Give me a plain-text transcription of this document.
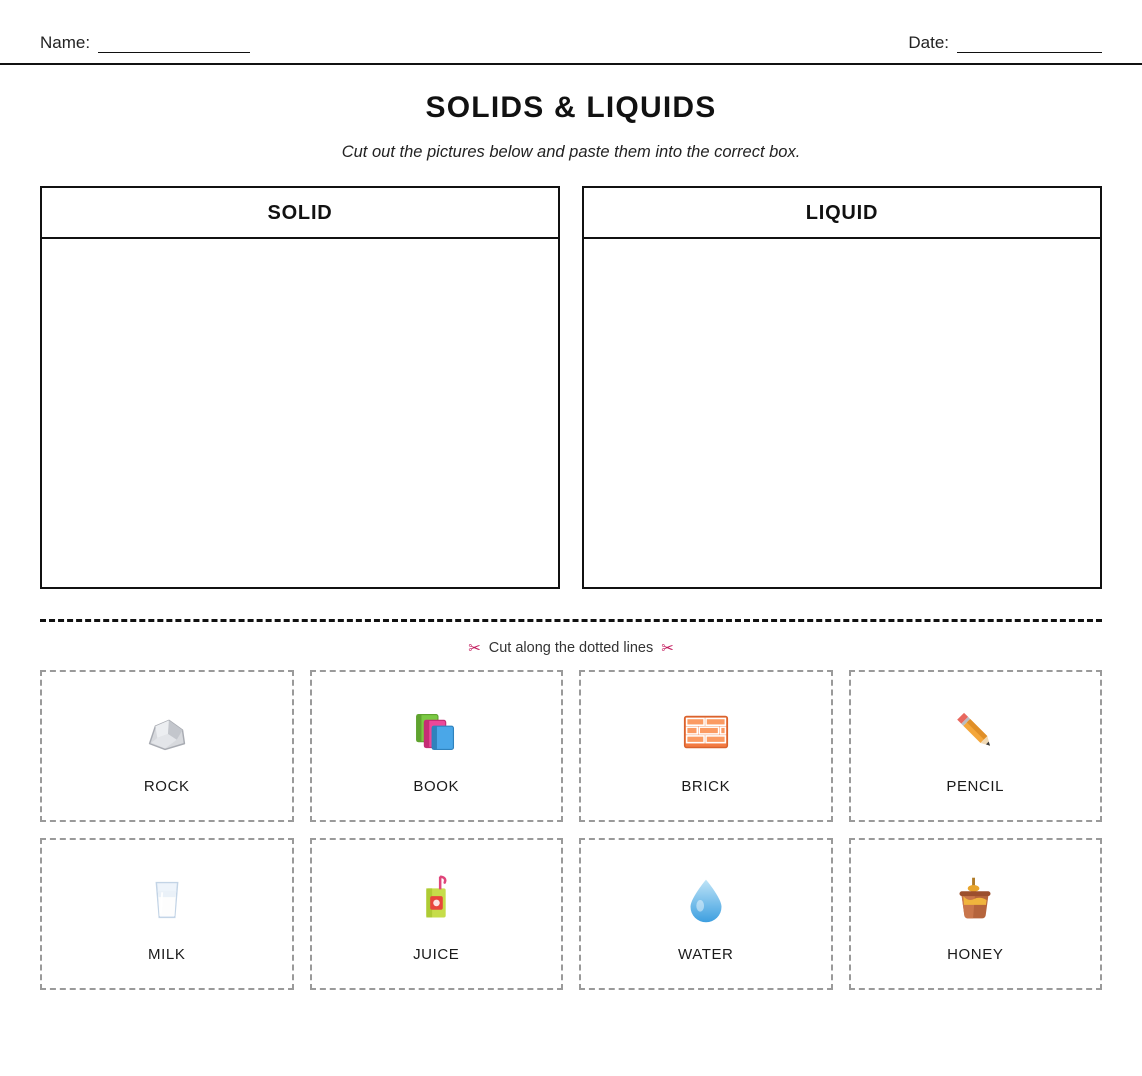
Name:	Date:
SOLIDS & LIQUIDS

Cut out the pictures below and paste them into the correct box.

SOLID	LIQUID
✂ Cut along the dotted lines ✂
ROCK	BOOK	BRICK	PENCIL
MILK	JUICE	WATER	HONEY
